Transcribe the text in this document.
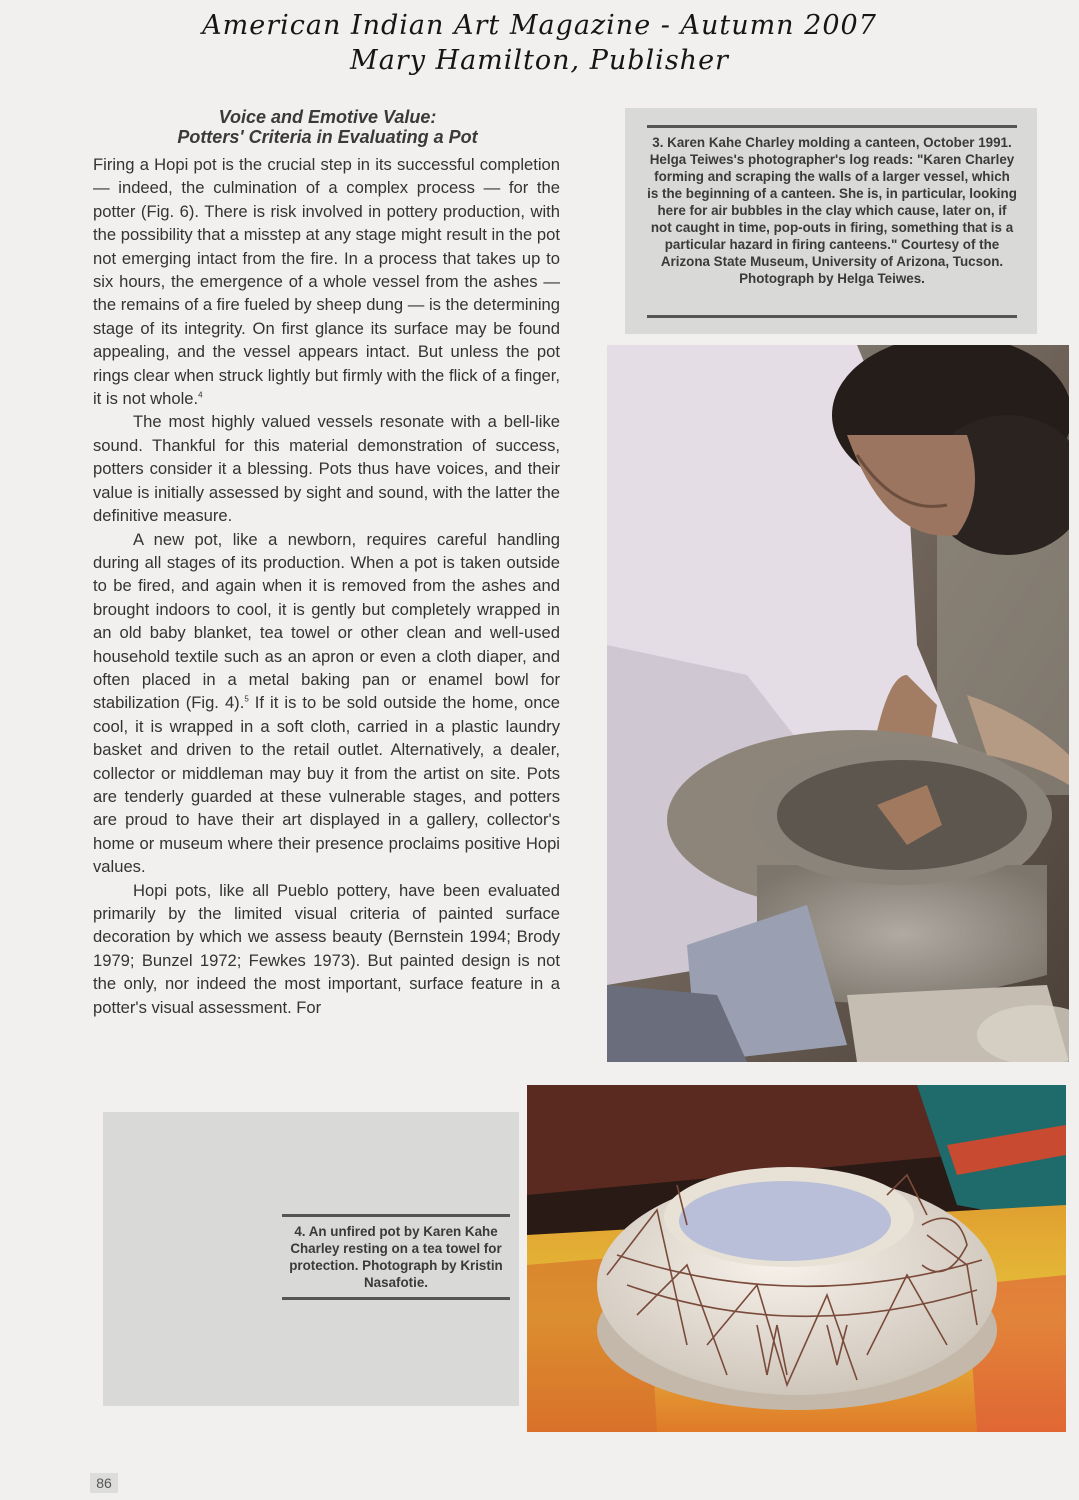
American Indian Art Magazine - Autumn 2007
Mary Hamilton, Publisher
Voice and Emotive Value:
Potters' Criteria in Evaluating a Pot

Firing a Hopi pot is the crucial step in its successful completion — indeed, the culmination of a complex process — for the potter (Fig. 6). There is risk involved in pottery production, with the possibility that a misstep at any stage might result in the pot not emerging intact from the fire. In a process that takes up to six hours, the emergence of a whole vessel from the ashes — the remains of a fire fueled by sheep dung — is the determining stage of its integrity. On first glance its surface may be found appealing, and the vessel appears intact. But unless the pot rings clear when struck lightly but firmly with the flick of a finger, it is not whole.$^4$

The most highly valued vessels resonate with a bell-like sound. Thankful for this material demonstration of success, potters consider it a blessing. Pots thus have voices, and their value is initially assessed by sight and sound, with the latter the definitive measure.

A new pot, like a newborn, requires careful handling during all stages of its production. When a pot is taken outside to be fired, and again when it is removed from the ashes and brought indoors to cool, it is gently but completely wrapped in an old baby blanket, tea towel or other clean and well-used household textile such as an apron or even a cloth diaper, and often placed in a metal baking pan or enamel bowl for stabilization (Fig. 4).$^5$ If it is to be sold outside the home, once cool, it is wrapped in a soft cloth, carried in a plastic laundry basket and driven to the retail outlet. Alternatively, a dealer, collector or middleman may buy it from the artist on site. Pots are tenderly guarded at these vulnerable stages, and potters are proud to have their art displayed in a gallery, collector's home or museum where their presence proclaims positive Hopi values.

Hopi pots, like all Pueblo pottery, have been evaluated primarily by the limited visual criteria of painted surface decoration by which we assess beauty (Bernstein 1994; Brody 1979; Bunzel 1972; Fewkes 1973). But painted design is not the only, nor indeed the most important, surface feature in a potter's visual assessment. For

3. Karen Kahe Charley molding a canteen, October 1991. Helga Teiwes's photographer's log reads: "Karen Charley forming and scraping the walls of a larger vessel, which is the beginning of a canteen. She is, in particular, looking here for air bubbles in the clay which cause, later on, if not caught in time, pop-outs in firing, something that is a particular hazard in firing canteens." Courtesy of the Arizona State Museum, University of Arizona, Tucson. Photograph by Helga Teiwes.
4. An unfired pot by Karen Kahe Charley resting on a tea towel for protection. Photograph by Kristin Nasafotie.
86
